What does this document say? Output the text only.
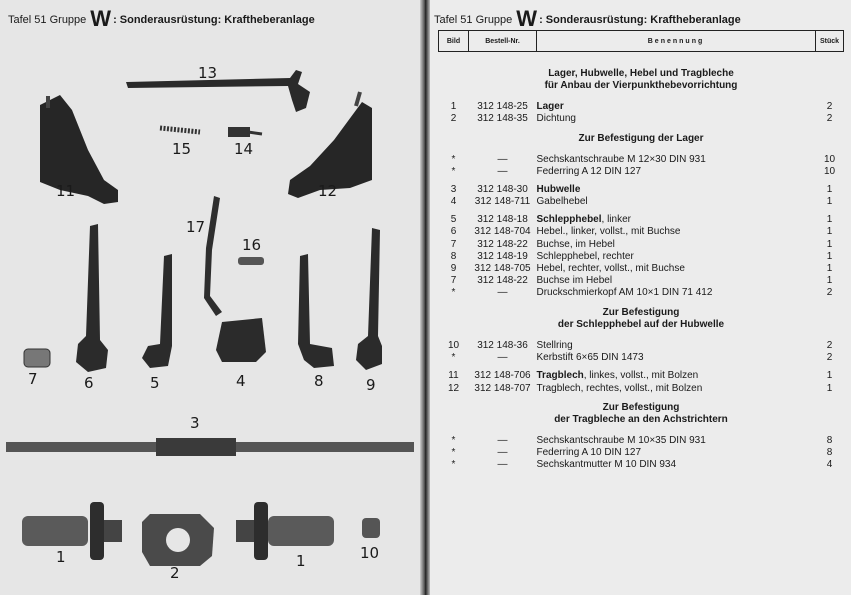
Tafel 51 Gruppe W : Sonderausrüstung: Kraftheberanlage
13
15	14
11	12
17
16
7	6	5	4	8	9
3
1
2
1	10
Tafel 51 Gruppe W : Sonderausrüstung: Kraftheberanlage
Bild	Bestell-Nr.	Benennung	Stück

Lager, Hubwelle, Hebel und Tragbleche			
für Anbau der Vierpunkthebevorrichtung			

1	312 148-25	Lager	2
2	312 148-35	Dichtung	2

Zur Befestigung der Lager			

*	—	Sechskantschraube M 12×30 DIN 931	10
*	—	Federring A 12 DIN 127	10

3	312 148-30	Hubwelle	1
4	312 148-711	Gabelhebel	1

5	312 148-18	Schlepphebel, linker	1
6	312 148-704	Hebel., linker, vollst., mit Buchse	1
7	312 148-22	Buchse, im Hebel	1
8	312 148-19	Schlepphebel, rechter	1
9	312 148-705	Hebel, rechter, vollst., mit Buchse	1
7	312 148-22	Buchse im Hebel	1
*	—	Druckschmierkopf AM 10×1 DIN 71 412	2

Zur Befestigung			
der Schlepphebel auf der Hubwelle			

10	312 148-36	Stellring	2
*	—	Kerbstift 6×65 DIN 1473	2

11	312 148-706	Tragblech, linkes, vollst., mit Bolzen	1
12	312 148-707	Tragblech, rechtes, vollst., mit Bolzen	1

Zur Befestigung			
der Tragbleche an den Achstrichtern			

*	—	Sechskantschraube M 10×35 DIN 931	8
*	—	Federring A 10 DIN 127	8
*	—	Sechskantmutter M 10 DIN 934	4
